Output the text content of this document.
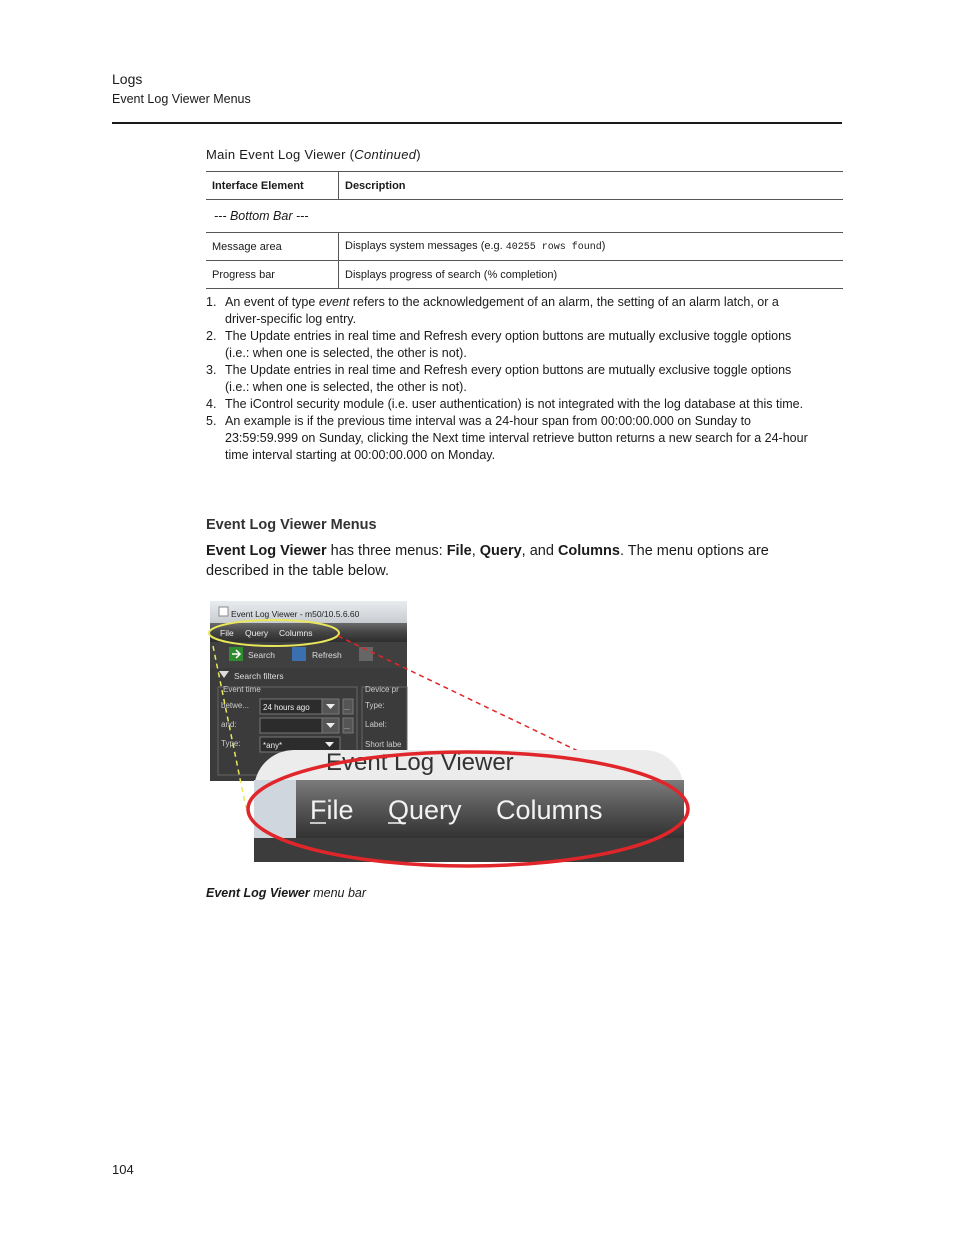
Logs
Event Log Viewer Menus
Main Event Log Viewer (Continued)
Interface Element	Description
--- Bottom Bar ---	
Message area	Displays system messages (e.g. 40255 rows found)
Progress bar	Displays progress of search (% completion)
1. An event of type event refers to the acknowledgement of an alarm, the setting of an alarm latch, or a driver-specific log entry.
2. The Update entries in real time and Refresh every option buttons are mutually exclusive toggle options (i.e.: when one is selected, the other is not).
3. The Update entries in real time and Refresh every option buttons are mutually exclusive toggle options (i.e.: when one is selected, the other is not).
4. The iControl security module (i.e. user authentication) is not integrated with the log database at this time.
5. An example is if the previous time interval was a 24-hour span from 00:00:00.000 on Sunday to 23:59:59.999 on Sunday, clicking the Next time interval retrieve button returns a new search for a 24-hour time interval starting at 00:00:00.000 on Monday.
Event Log Viewer Menus
Event Log Viewer has three menus: File, Query, and Columns. The menu options are described in the table below.
Event Log Viewer - m50/10.5.6.60
File Query Columns
Search	Refresh
Search filters
Event time
betwe... 24 hours ago	...
and:	...
Type:	*any*
Device pr
Type:
Label:
Short labe
Event Log Viewer
File Query Columns
Event Log Viewer menu bar
104
